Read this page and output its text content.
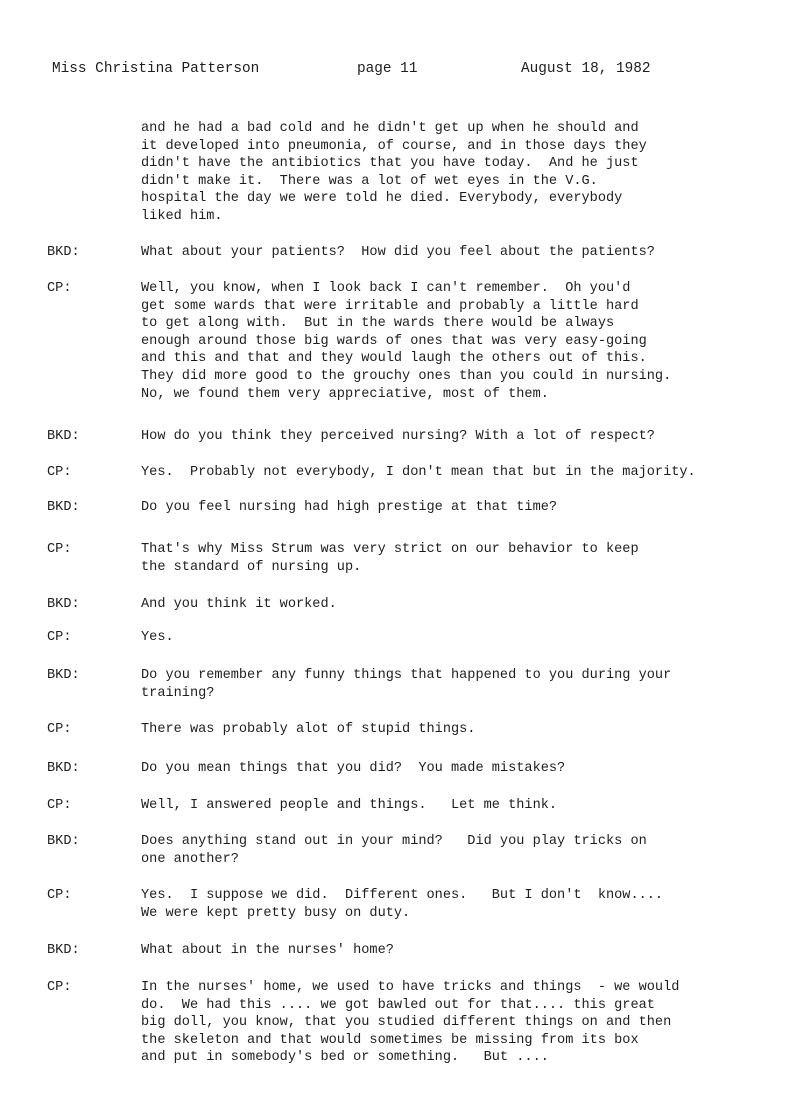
Miss Christina Patterson	page 11	August 18, 1982
and he had a bad cold and he didn't get up when he should and
it developed into pneumonia, of course, and in those days they
didn't have the antibiotics that you have today.  And he just
didn't make it.  There was a lot of wet eyes in the V.G.
hospital the day we were told he died. Everybody, everybody
liked him.
BKD:	What about your patients?  How did you feel about the patients?
CP:	Well, you know, when I look back I can't remember.  Oh you'd
get some wards that were irritable and probably a little hard
to get along with.  But in the wards there would be always
enough around those big wards of ones that was very easy-going
and this and that and they would laugh the others out of this.
They did more good to the grouchy ones than you could in nursing.
No, we found them very appreciative, most of them.
BKD:	How do you think they perceived nursing? With a lot of respect?
CP:	Yes.  Probably not everybody, I don't mean that but in the majority.
BKD:	Do you feel nursing had high prestige at that time?
CP:	That's why Miss Strum was very strict on our behavior to keep
the standard of nursing up.
BKD:	And you think it worked.
CP:	Yes.
BKD:	Do you remember any funny things that happened to you during your
training?
CP:	There was probably alot of stupid things.
BKD:	Do you mean things that you did?  You made mistakes?
CP:	Well, I answered people and things.   Let me think.
BKD:	Does anything stand out in your mind?   Did you play tricks on
one another?
CP:	Yes.  I suppose we did.  Different ones.   But I don't  know....
We were kept pretty busy on duty.
BKD:	What about in the nurses' home?
CP:	In the nurses' home, we used to have tricks and things  - we would
do.  We had this .... we got bawled out for that.... this great
big doll, you know, that you studied different things on and then
the skeleton and that would sometimes be missing from its box
and put in somebody's bed or something.   But ....
